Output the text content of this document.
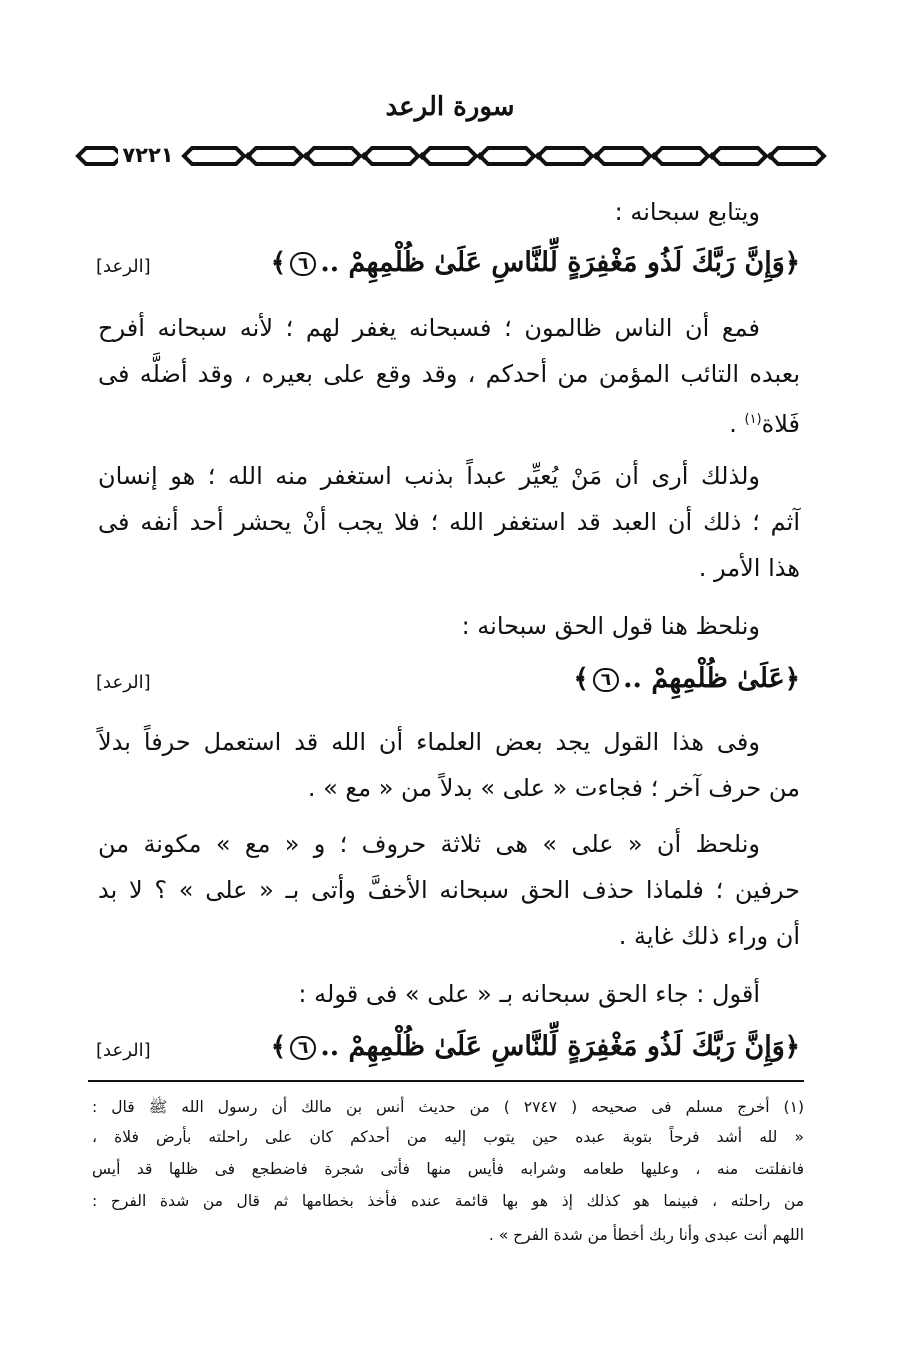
سورة الرعد
٧٢٢١
ويتابع سبحانه :
﴿وَإِنَّ رَبَّكَ لَذُو مَغْفِرَةٍ لِّلنَّاسِ عَلَىٰ ظُلْمِهِمْ ..٦﴾
[الرعد]
فمع أن الناس ظالمون ؛ فسبحانه يغفر لهم ؛ لأنه سبحانه أفرح
بعبده التائب المؤمن من أحدكم ، وقد وقع على بعيره ، وقد أضلَّه فى
فَلاة$^{(١)}$ .
ولذلك أرى أن مَنْ يُعيِّر عبداً بذنب استغفر منه الله ؛ هو إنسان
آثم ؛ ذلك أن العبد قد استغفر الله ؛ فلا يجب أنْ يحشر أحد أنفه فى
هذا الأمر .
ونلحظ هنا قول الحق سبحانه :
﴿عَلَىٰ ظُلْمِهِمْ ..٦﴾
[الرعد]
وفى هذا القول يجد بعض العلماء أن الله قد استعمل حرفاً بدلاً
من حرف آخر ؛ فجاءت « على » بدلاً من « مع » .
ونلحظ أن « على » هى ثلاثة حروف ؛ و « مع » مكونة من
حرفين ؛ فلماذا حذف الحق سبحانه الأخفَّ وأتى بـ « على » ؟ لا بد
أن وراء ذلك غاية .
أقول : جاء الحق سبحانه بـ « على » فى قوله :
﴿وَإِنَّ رَبَّكَ لَذُو مَغْفِرَةٍ لِّلنَّاسِ عَلَىٰ ظُلْمِهِمْ ..٦﴾
[الرعد]
(١) أخرج مسلم فى صحيحه ( ٢٧٤٧ ) من حديث أنس بن مالك أن رسول الله ﷺ قال :
« لله أشد فرحاً بتوبة عبده حين يتوب إليه من أحدكم كان على راحلته بأرض فلاة ،
فانفلتت منه ، وعليها طعامه وشرابه فأيس منها فأتى شجرة فاضطجع فى ظلها قد أيس
من راحلته ، فبينما هو كذلك إذ هو بها قائمة عنده فأخذ بخطامها ثم قال من شدة الفرح :
اللهم أنت عبدى وأنا ربك أخطأ من شدة الفرح » .
